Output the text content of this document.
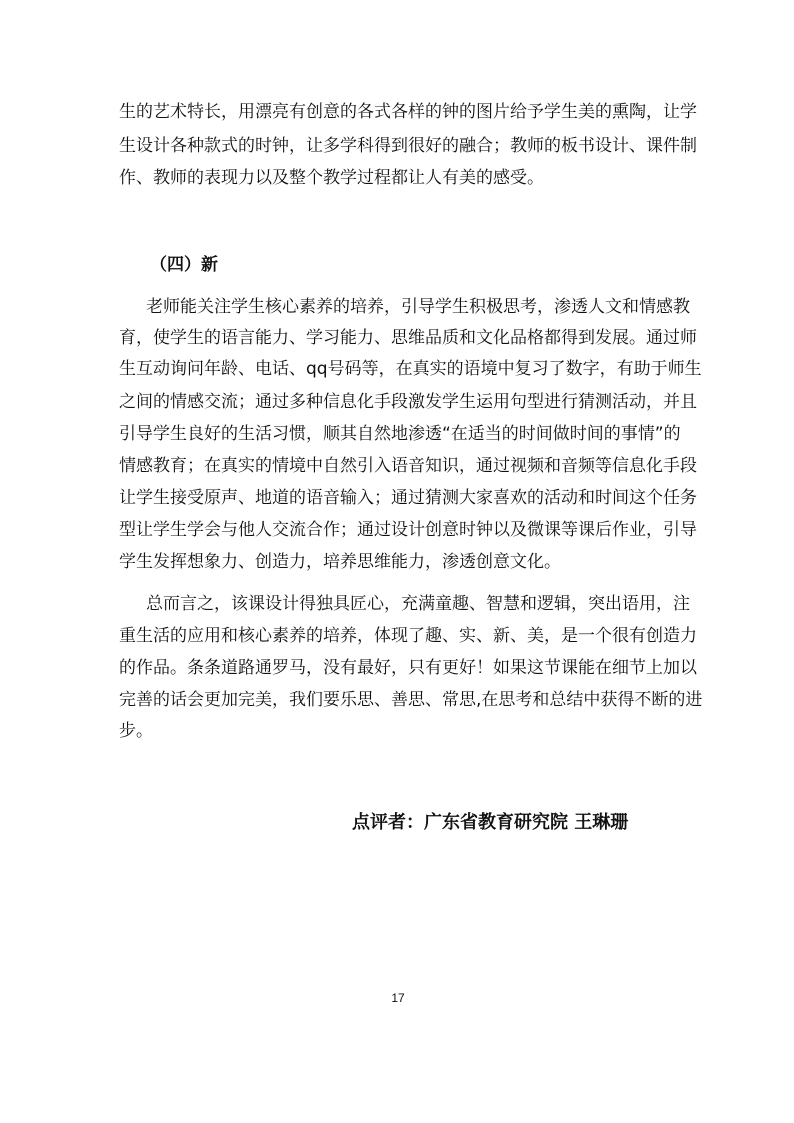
生的艺术特长，用漂亮有创意的各式各样的钟的图片给予学生美的熏陶，让学

生设计各种款式的时钟，让多学科得到很好的融合；教师的板书设计、课件制

作、教师的表现力以及整个教学过程都让人有美的感受。

（四）新

老师能关注学生核心素养的培养，引导学生积极思考，渗透人文和情感教

育，使学生的语言能力、学习能力、思维品质和文化品格都得到发展。通过师

生互动询问年龄、电话、qq号码等，在真实的语境中复习了数字，有助于师生

之间的情感交流；通过多种信息化手段激发学生运用句型进行猜测活动，并且

引导学生良好的生活习惯，顺其自然地渗透“在适当的时间做时间的事情”的

情感教育；在真实的情境中自然引入语音知识，通过视频和音频等信息化手段

让学生接受原声、地道的语音输入；通过猜测大家喜欢的活动和时间这个任务

型让学生学会与他人交流合作；通过设计创意时钟以及微课等课后作业，引导

学生发挥想象力、创造力，培养思维能力，渗透创意文化。

总而言之，该课设计得独具匠心，充满童趣、智慧和逻辑，突出语用，注

重生活的应用和核心素养的培养，体现了趣、实、新、美，是一个很有创造力

的作品。条条道路通罗马，没有最好，只有更好！如果这节课能在细节上加以

完善的话会更加完美，我们要乐思、善思、常思,在思考和总结中获得不断的进

步。

点评者：广东省教育研究院 王琳珊

17
